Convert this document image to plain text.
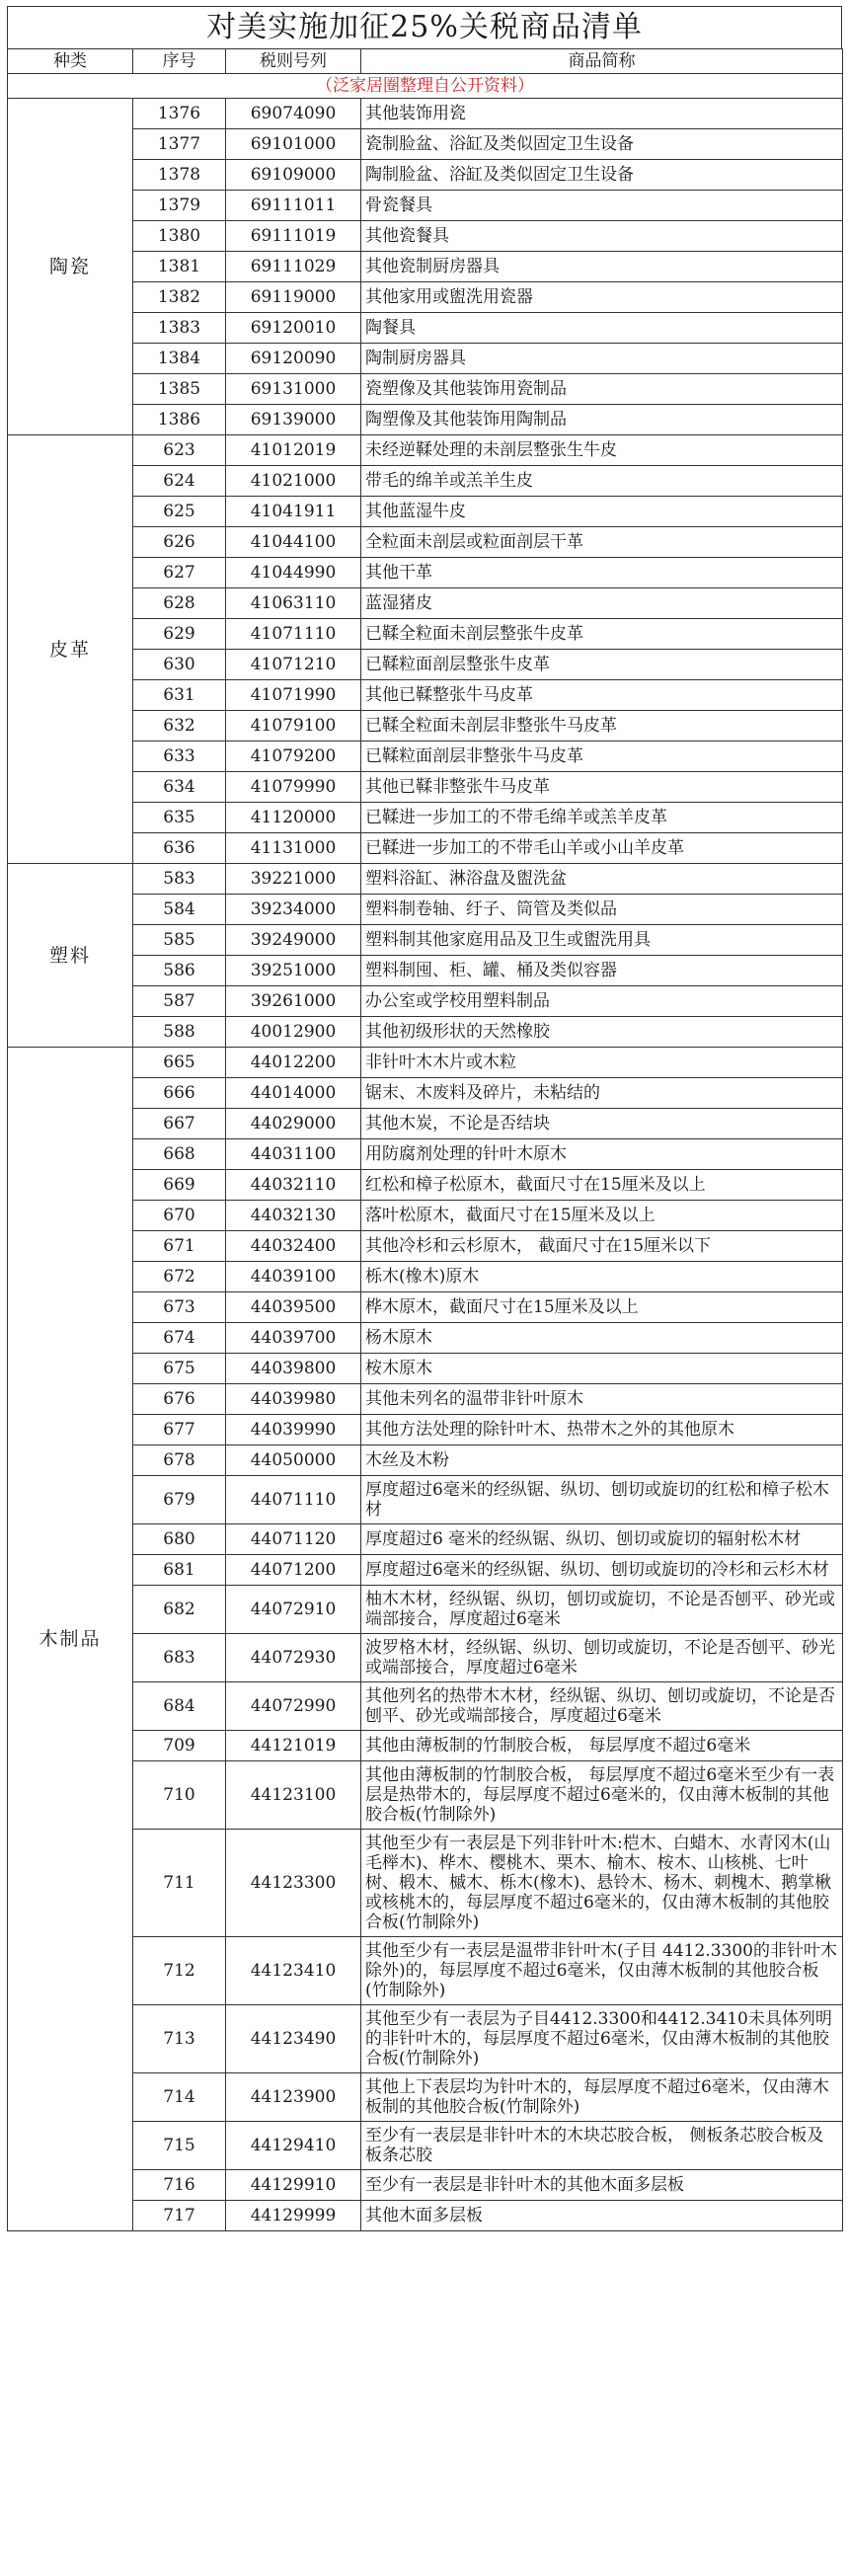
对美实施加征25%关税商品清单
种类	序号	税则号列	商品简称
（泛家居圈整理自公开资料）			
陶瓷	1376	69074090	其他装饰用瓷
	1377	69101000	瓷制脸盆、浴缸及类似固定卫生设备
	1378	69109000	陶制脸盆、浴缸及类似固定卫生设备
	1379	69111011	骨瓷餐具
	1380	69111019	其他瓷餐具
	1381	69111029	其他瓷制厨房器具
	1382	69119000	其他家用或盥洗用瓷器
	1383	69120010	陶餐具
	1384	69120090	陶制厨房器具
	1385	69131000	瓷塑像及其他装饰用瓷制品
	1386	69139000	陶塑像及其他装饰用陶制品
皮革	623	41012019	未经逆鞣处理的未剖层整张生牛皮
	624	41021000	带毛的绵羊或羔羊生皮
	625	41041911	其他蓝湿牛皮
	626	41044100	全粒面未剖层或粒面剖层干革
	627	41044990	其他干革
	628	41063110	蓝湿猪皮
	629	41071110	已鞣全粒面未剖层整张牛皮革
	630	41071210	已鞣粒面剖层整张牛皮革
	631	41071990	其他已鞣整张牛马皮革
	632	41079100	已鞣全粒面未剖层非整张牛马皮革
	633	41079200	已鞣粒面剖层非整张牛马皮革
	634	41079990	其他已鞣非整张牛马皮革
	635	41120000	已鞣进一步加工的不带毛绵羊或羔羊皮革
	636	41131000	已鞣进一步加工的不带毛山羊或小山羊皮革
塑料	583	39221000	塑料浴缸、淋浴盘及盥洗盆
	584	39234000	塑料制卷轴、纡子、筒管及类似品
	585	39249000	塑料制其他家庭用品及卫生或盥洗用具
	586	39251000	塑料制囤、柜、罐、桶及类似容器
	587	39261000	办公室或学校用塑料制品
	588	40012900	其他初级形状的天然橡胶
木制品	665	44012200	非针叶木木片或木粒
	666	44014000	锯末、木废料及碎片，未粘结的
	667	44029000	其他木炭，不论是否结块
	668	44031100	用防腐剂处理的针叶木原木
	669	44032110	红松和樟子松原木，截面尺寸在15厘米及以上
	670	44032130	落叶松原木，截面尺寸在15厘米及以上
	671	44032400	其他冷杉和云杉原木， 截面尺寸在15厘米以下
	672	44039100	栎木(橡木)原木
	673	44039500	桦木原木，截面尺寸在15厘米及以上
	674	44039700	杨木原木
	675	44039800	桉木原木
	676	44039980	其他未列名的温带非针叶原木
	677	44039990	其他方法处理的除针叶木、热带木之外的其他原木
	678	44050000	木丝及木粉
	679	44071110	厚度超过6毫米的经纵锯、纵切、刨切或旋切的红松和樟子松木材
	680	44071120	厚度超过6 毫米的经纵锯、纵切、刨切或旋切的辐射松木材
	681	44071200	厚度超过6毫米的经纵锯、纵切、刨切或旋切的冷杉和云杉木材
	682	44072910	柚木木材，经纵锯、纵切，刨切或旋切，不论是否刨平、砂光或端部接合，厚度超过6毫米
	683	44072930	波罗格木材，经纵锯、纵切、刨切或旋切，不论是否刨平、砂光或端部接合，厚度超过6毫米
	684	44072990	其他列名的热带木木材，经纵锯、纵切、刨切或旋切，不论是否刨平、砂光或端部接合，厚度超过6毫米
	709	44121019	其他由薄板制的竹制胶合板， 每层厚度不超过6毫米
	710	44123100	其他由薄板制的竹制胶合板， 每层厚度不超过6毫米至少有一表层是热带木的，每层厚度不超过6毫米的，仅由薄木板制的其他胶合板(竹制除外)
	711	44123300	其他至少有一表层是下列非针叶木:桤木、白蜡木、水青冈木(山毛榉木)、桦木、樱桃木、栗木、榆木、桉木、山核桃、七叶树、椴木、槭木、栎木(橡木)、悬铃木、杨木、刺槐木、鹅掌楸或核桃木的，每层厚度不超过6毫米的，仅由薄木板制的其他胶合板(竹制除外)
	712	44123410	其他至少有一表层是温带非针叶木(子目 4412.3300的非针叶木除外)的，每层厚度不超过6毫米，仅由薄木板制的其他胶合板(竹制除外)
	713	44123490	其他至少有一表层为子目4412.3300和4412.3410未具体列明的非针叶木的，每层厚度不超过6毫米，仅由薄木板制的其他胶合板(竹制除外)
	714	44123900	其他上下表层均为针叶木的，每层厚度不超过6毫米，仅由薄木板制的其他胶合板(竹制除外)
	715	44129410	至少有一表层是非针叶木的木块芯胶合板， 侧板条芯胶合板及板条芯胶
	716	44129910	至少有一表层是非针叶木的其他木面多层板
	717	44129999	其他木面多层板
